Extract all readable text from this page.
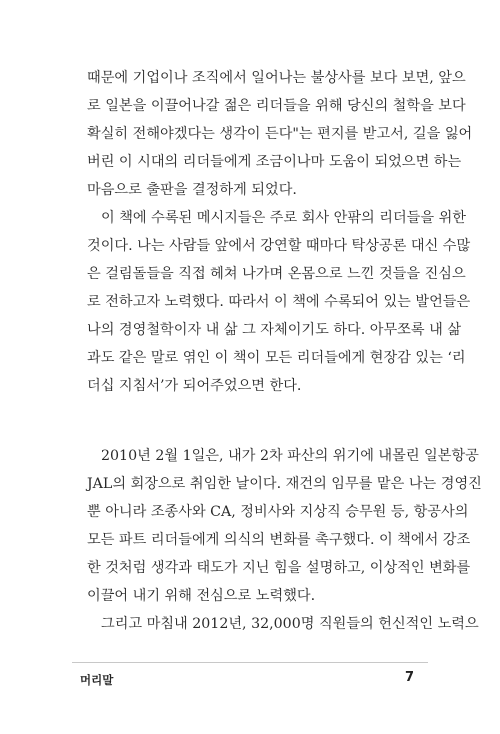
때문에 기업이나 조직에서 일어나는 불상사를 보다 보면, 앞으
로 일본을 이끌어나갈 젊은 리더들을 위해 당신의 철학을 보다
확실히 전해야겠다는 생각이 든다"는 편지를 받고서, 길을 잃어
버린 이 시대의 리더들에게 조금이나마 도움이 되었으면 하는
마음으로 출판을 결정하게 되었다.
이 책에 수록된 메시지들은 주로 회사 안팎의 리더들을 위한
것이다. 나는 사람들 앞에서 강연할 때마다 탁상공론 대신 수많
은 걸림돌들을 직접 헤쳐 나가며 온몸으로 느낀 것들을 진심으
로 전하고자 노력했다. 따라서 이 책에 수록되어 있는 발언들은
나의 경영철학이자 내 삶 그 자체이기도 하다. 아무쪼록 내 삶
과도 같은 말로 엮인 이 책이 모든 리더들에게 현장감 있는 ‘리
더십 지침서’가 되어주었으면 한다.
2010년 2월 1일은, 내가 2차 파산의 위기에 내몰린 일본항공
JAL의 회장으로 취임한 날이다. 재건의 임무를 맡은 나는 경영진
뿐 아니라 조종사와 CA, 정비사와 지상직 승무원 등, 항공사의
모든 파트 리더들에게 의식의 변화를 촉구했다. 이 책에서 강조
한 것처럼 생각과 태도가 지닌 힘을 설명하고, 이상적인 변화를
이끌어 내기 위해 전심으로 노력했다.
그리고 마침내 2012년, 32,000명 직원들의 헌신적인 노력으
머리말	7
